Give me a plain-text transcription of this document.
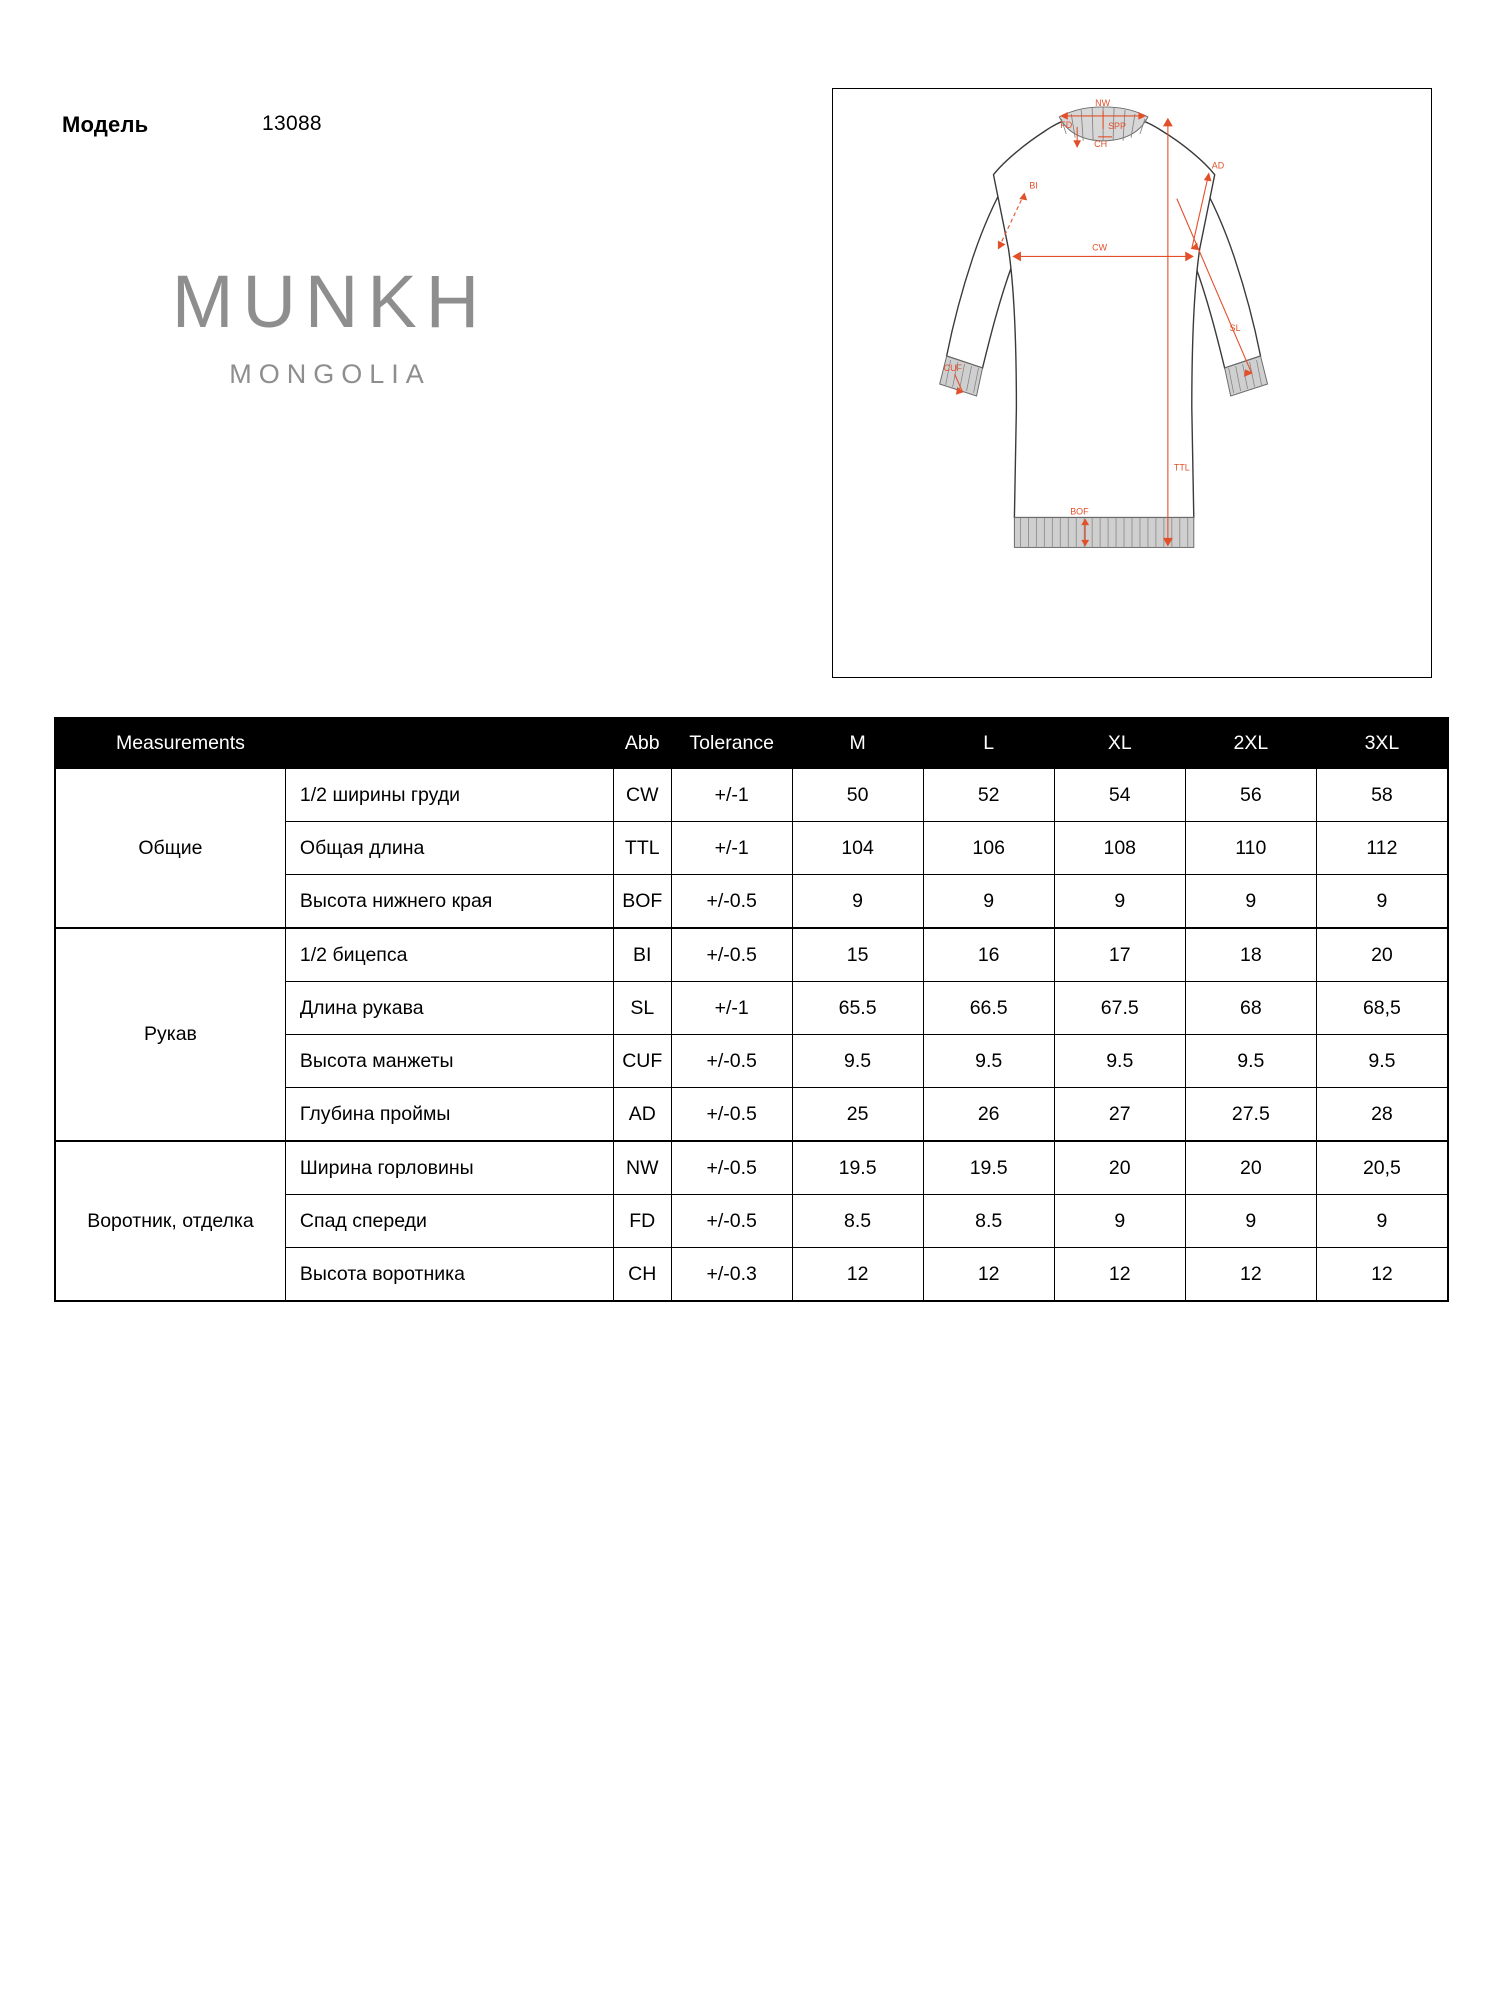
Модель	13088
MUNKH
MONGOLIA
NW
SPP
FD
CH
BI
AD
CW
SL
CUF
TTL
BOF
Measurements		Abb	Tolerance	M	L	XL	2XL	3XL
Общие	1/2 ширины груди	CW	+/-1	50	52	54	56	58
	Общая длина	TTL	+/-1	104	106	108	110	112
	Высота нижнего края	BOF	+/-0.5	9	9	9	9	9
Рукав	1/2 бицепса	BI	+/-0.5	15	16	17	18	20
	Длина рукава	SL	+/-1	65.5	66.5	67.5	68	68,5
	Высота манжеты	CUF	+/-0.5	9.5	9.5	9.5	9.5	9.5
	Глубина проймы	AD	+/-0.5	25	26	27	27.5	28
Воротник, отделка	Ширина горловины	NW	+/-0.5	19.5	19.5	20	20	20,5
	Спад спереди	FD	+/-0.5	8.5	8.5	9	9	9
	Высота воротника	CH	+/-0.3	12	12	12	12	12
